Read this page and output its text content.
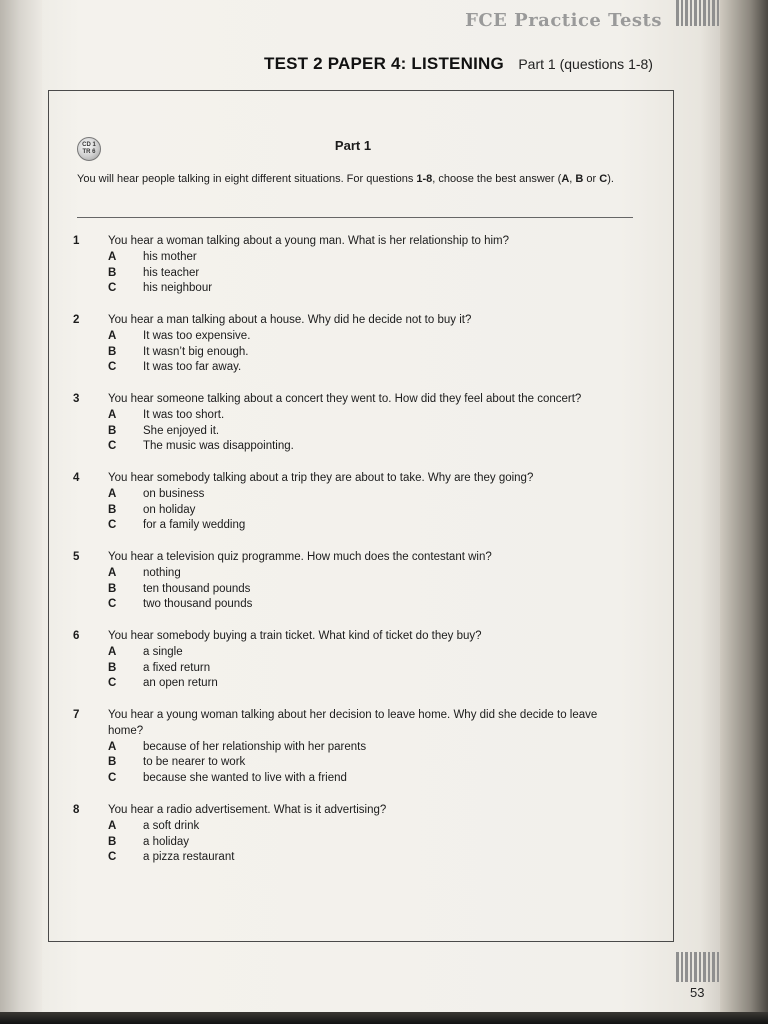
FCE Practice Tests
TEST 2 PAPER 4: LISTENING Part 1 (questions 1-8)
CD 1
TR 6	Part 1
You will hear people talking in eight different situations. For questions 1-8, choose the best answer (A, B or C).
1	You hear a woman talking about a young man. What is her relationship to him?
A	his mother
B	his teacher
C	his neighbour
2	You hear a man talking about a house. Why did he decide not to buy it?
A	It was too expensive.
B	It wasn’t big enough.
C	It was too far away.
3	You hear someone talking about a concert they went to. How did they feel about the concert?
A	It was too short.
B	She enjoyed it.
C	The music was disappointing.
4	You hear somebody talking about a trip they are about to take. Why are they going?
A	on business
B	on holiday
C	for a family wedding
5	You hear a television quiz programme. How much does the contestant win?
A	nothing
B	ten thousand pounds
C	two thousand pounds
6	You hear somebody buying a train ticket. What kind of ticket do they buy?
A	a single
B	a fixed return
C	an open return
7	You hear a young woman talking about her decision to leave home. Why did she decide to leave home?
A	because of her relationship with her parents
B	to be nearer to work
C	because she wanted to live with a friend
8	You hear a radio advertisement. What is it advertising?
A	a soft drink
B	a holiday
C	a pizza restaurant
53
